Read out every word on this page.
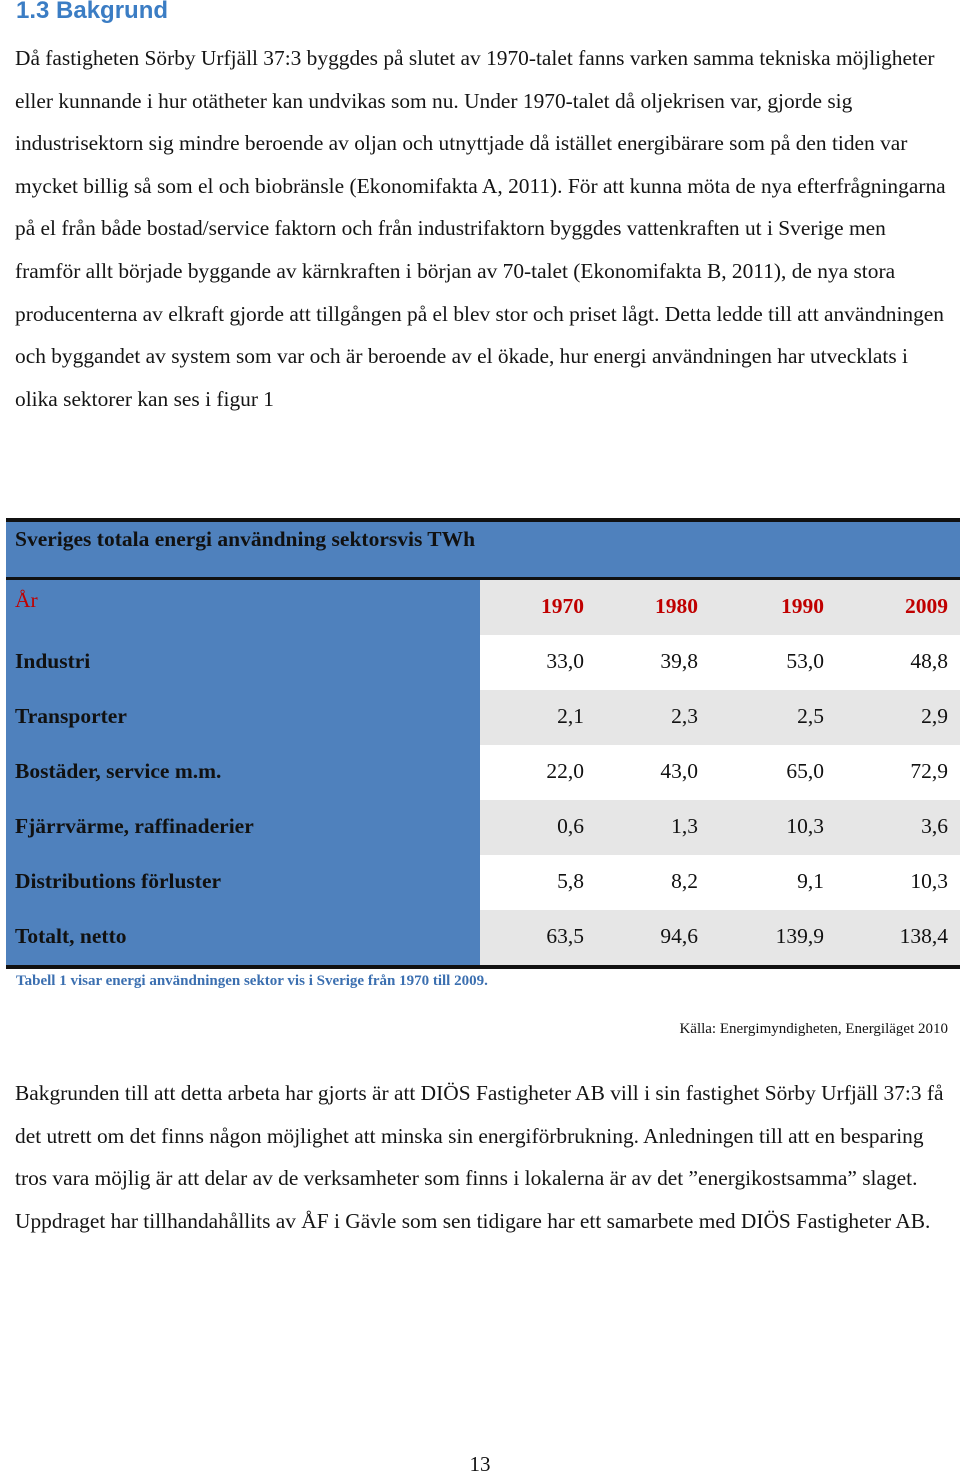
1.3 Bakgrund

Då fastigheten Sörby Urfjäll 37:3 byggdes på slutet av 1970-talet fanns varken samma tekniska möjligheter eller kunnande i hur otätheter kan undvikas som nu. Under 1970-talet då oljekrisen var, gjorde sig industrisektorn sig mindre beroende av oljan och utnyttjade då istället energibärare som på den tiden var mycket billig så som el och biobränsle (Ekonomifakta A, 2011). För att kunna möta de nya efterfrågningarna på el från både bostad/service faktorn och från industrifaktorn byggdes vattenkraften ut i Sverige men framför allt började byggande av kärnkraften i början av 70-talet (Ekonomifakta B, 2011), de nya stora producenterna av elkraft gjorde att tillgången på el blev stor och priset lågt. Detta ledde till att användningen och byggandet av system som var och är beroende av el ökade, hur energi användningen har utvecklats i olika sektorer kan ses i figur 1

Sveriges totala energi användning sektorsvis TWh
År	1970	1980	1990	2009
Industri	33,0	39,8	53,0	48,8
Transporter	2,1	2,3	2,5	2,9
Bostäder, service m.m.	22,0	43,0	65,0	72,9
Fjärrvärme, raffinaderier	0,6	1,3	10,3	3,6
Distributions förluster	5,8	8,2	9,1	10,3
Totalt, netto	63,5	94,6	139,9	138,4

Tabell 1 visar energi användningen sektor vis i Sverige från 1970 till 2009.

Källa: Energimyndigheten, Energiläget 2010

Bakgrunden till att detta arbeta har gjorts är att DIÖS Fastigheter AB vill i sin fastighet Sörby Urfjäll 37:3 få det utrett om det finns någon möjlighet att minska sin energiförbrukning. Anledningen till att en besparing tros vara möjlig är att delar av de verksamheter som finns i lokalerna är av det ”energikostsamma” slaget. Uppdraget har tillhandahållits av ÅF i Gävle som sen tidigare har ett samarbete med DIÖS Fastigheter AB.

13
